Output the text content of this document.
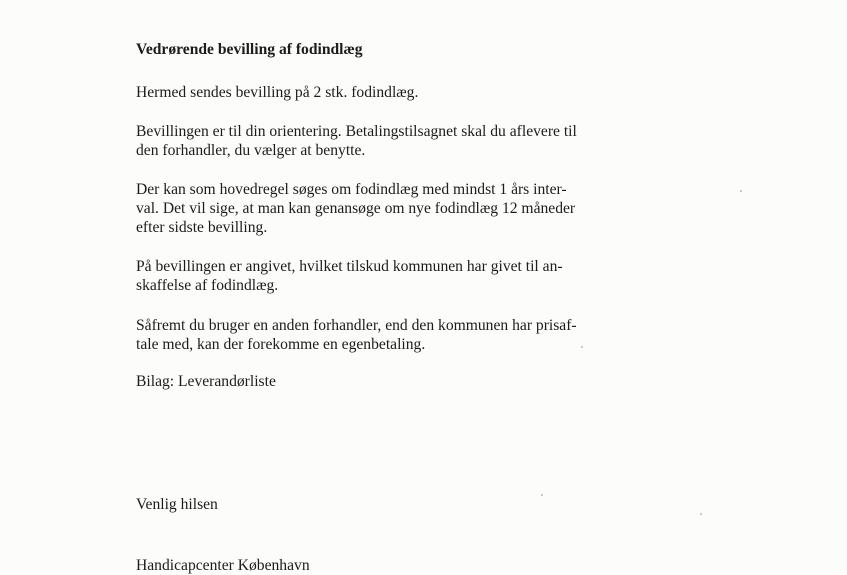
Vedrørende bevilling af fodindlæg
Hermed sendes bevilling på 2 stk. fodindlæg.
Bevillingen er til din orientering. Betalingstilsagnet skal du aflevere til
den forhandler, du vælger at benytte.
Der kan som hovedregel søges om fodindlæg med mindst 1 års inter-
val. Det vil sige, at man kan genansøge om nye fodindlæg 12 måneder
efter sidste bevilling.
På bevillingen er angivet, hvilket tilskud kommunen har givet til an-
skaffelse af fodindlæg.
Såfremt du bruger en anden forhandler, end den kommunen har prisaf-
tale med, kan der forekomme en egenbetaling.
Bilag: Leverandørliste
Venlig hilsen
Handicapcenter København
